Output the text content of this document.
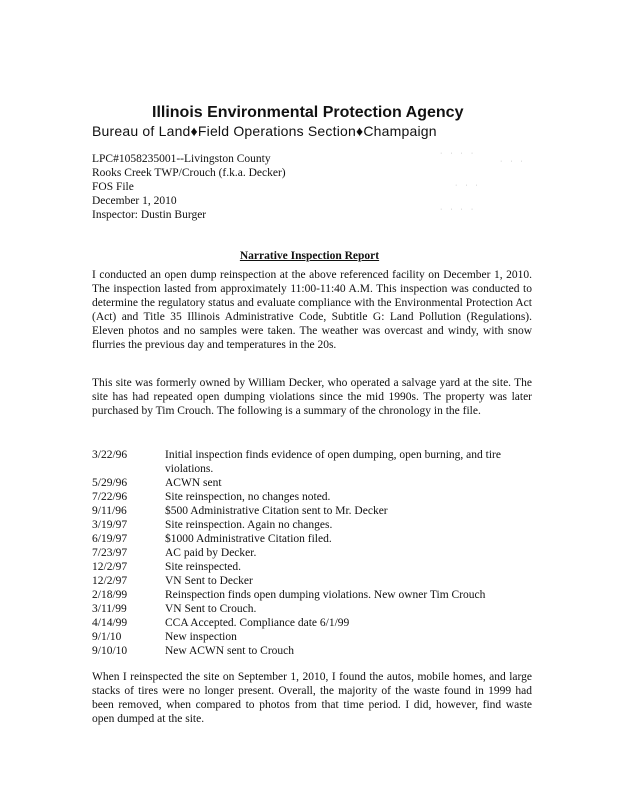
Illinois Environmental Protection Agency
Bureau of Land♦Field Operations Section♦Champaign
LPC#1058235001--Livingston County
Rooks Creek TWP/Crouch (f.k.a. Decker)
FOS File
December 1, 2010
Inspector: Dustin Burger
· · · ·
· · ·
· · ·
· · · ·
Narrative Inspection Report
I conducted an open dump reinspection at the above referenced facility on December 1, 2010. The inspection lasted from approximately 11:00-11:40 A.M. This inspection was conducted to determine the regulatory status and evaluate compliance with the Environmental Protection Act (Act) and Title 35 Illinois Administrative Code, Subtitle G: Land Pollution (Regulations). Eleven photos and no samples were taken. The weather was overcast and windy, with snow flurries the previous day and temperatures in the 20s.
This site was formerly owned by William Decker, who operated a salvage yard at the site. The site has had repeated open dumping violations since the mid 1990s. The property was later purchased by Tim Crouch. The following is a summary of the chronology in the file.
3/22/96	Initial inspection finds evidence of open dumping, open burning, and tire violations.
5/29/96	ACWN sent
7/22/96	Site reinspection, no changes noted.
9/11/96	$500 Administrative Citation sent to Mr. Decker
3/19/97	Site reinspection. Again no changes.
6/19/97	$1000 Administrative Citation filed.
7/23/97	AC paid by Decker.
12/2/97	Site reinspected.
12/2/97	VN Sent to Decker
2/18/99	Reinspection finds open dumping violations. New owner Tim Crouch
3/11/99	VN Sent to Crouch.
4/14/99	CCA Accepted. Compliance date 6/1/99
9/1/10	New inspection
9/10/10	New ACWN sent to Crouch
When I reinspected the site on September 1, 2010, I found the autos, mobile homes, and large stacks of tires were no longer present. Overall, the majority of the waste found in 1999 had been removed, when compared to photos from that time period. I did, however, find waste open dumped at the site.
